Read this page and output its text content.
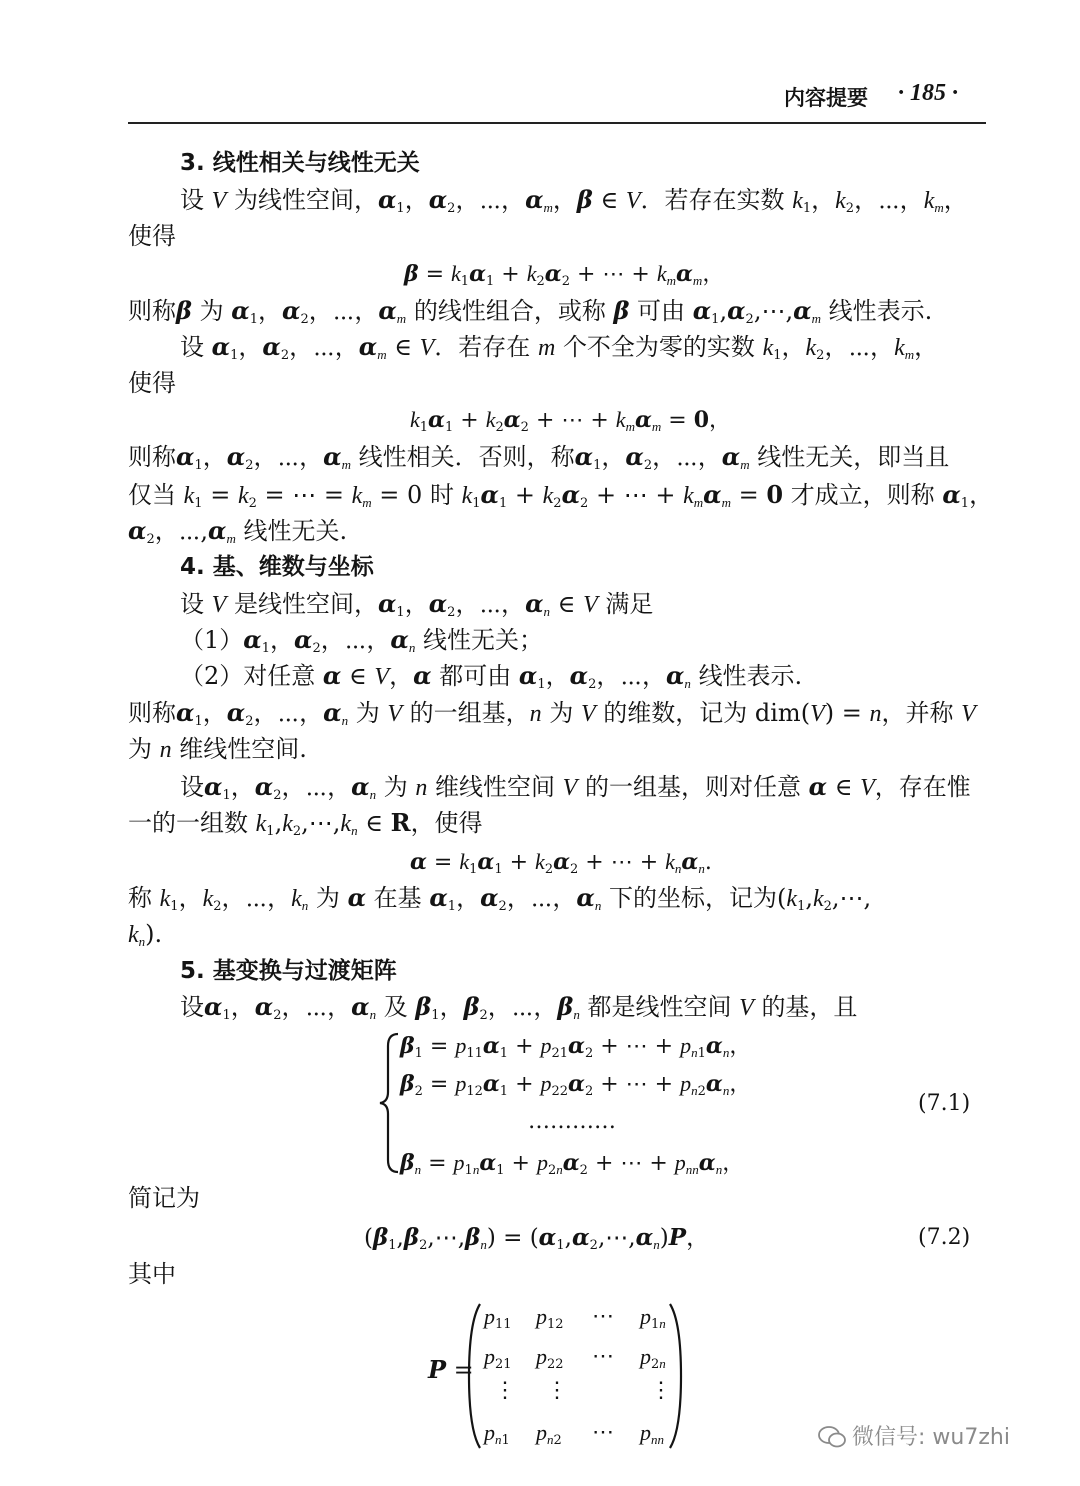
内容提要 · 185 ·
3. 线性相关与线性无关
设 V 为线性空间，$\alpha_1$，$\alpha_2$，⋯，$\alpha_m$，β ∈ V．若存在实数 $k_1$，$k_2$，⋯，$k_m$，
使得
$\beta = k_1\alpha_1 + k_2\alpha_2$ + ⋯ + $k_m\alpha_m$，
则称β 为 $\alpha_1$，$\alpha_2$，⋯，$\alpha_m$ 的线性组合，或称 β 可由 $\alpha_1,\alpha_2,\cdots,\alpha_m$ 线性表示.
设 $\alpha_1$，$\alpha_2$，⋯，$\alpha_m$ ∈ V．若存在 m 个不全为零的实数 $k_1$，$k_2$，⋯，$k_m$，
使得
$k_1\alpha_1 + k_2\alpha_2$ + ⋯ + $k_m\alpha_m = 0$，
则称$\alpha_1$，$\alpha_2$，⋯，$\alpha_m$ 线性相关．否则，称$\alpha_1$，$\alpha_2$，⋯，$\alpha_m$ 线性无关，即当且
仅当 $k_1 = k_2$ = ⋯ = $k_m = 0$ 时 $k_1\alpha_1 + k_2\alpha_2$ + ⋯ + $k_m\alpha_m = 0$ 才成立，则称 $\alpha_1$，
$\alpha_2$，$\cdots,\alpha_m$ 线性无关.
4. 基、维数与坐标
设 V 是线性空间，$\alpha_1$，$\alpha_2$，⋯，$\alpha_n$ ∈ V 满足
$(1)\alpha_1$，$\alpha_2$，⋯，$\alpha_n$ 线性无关；
（2）对任意 α ∈ V，α 都可由 $\alpha_1$，$\alpha_2$，⋯，$\alpha_n$ 线性表示.
则称$\alpha_1$，$\alpha_2$，⋯，$\alpha_n$ 为 V 的一组基，n 为 V 的维数，记为 dim(V) = n，并称 V
为 n 维线性空间.
设$\alpha_1$，$\alpha_2$，⋯，$\alpha_n$ 为 n 维线性空间 V 的一组基，则对任意 α ∈ V，存在惟
一的一组数 $k_1,k_2,\cdots,k_n$ ∈ R，使得
$\alpha = k_1\alpha_1 + k_2\alpha_2$ + ⋯ + $k_n\alpha_n$.
称 $k_1$，$k_2$，⋯，$k_n$ 为 α 在基 $\alpha_1$，$\alpha_2$，⋯，$\alpha_n$ 下的坐标，记为($k_1,k_2,\cdots$,
$k_n$).
5. 基变换与过渡矩阵
设$\alpha_1$，$\alpha_2$，⋯，$\alpha_n$ 及 $\beta_1$，$\beta_2$，⋯，$\beta_n$ 都是线性空间 V 的基，且
$\beta_1 = p_{11}\alpha_1 + p_{21}\alpha_2$ + ⋯ + $p_{n1}\alpha_n$，
$\beta_2 = p_{12}\alpha_1 + p_{22}\alpha_2$ + ⋯ + $p_{n2}\alpha_n$，
…………
(7.1)
$\beta_n = p_{1n}\alpha_1 + p_{2n}\alpha_2$ + ⋯ + $p_{nn}\alpha_n$，
简记为
$(\beta_1,\beta_2,\cdots,\beta_n)$ = $(\alpha_1,\alpha_2,\cdots,\alpha_n)P$，	(7.2)
其中
P =
$p_{11}$ $p_{12}$ ⋯ $p_{1n}$
$p_{21}$ $p_{22}$ ⋯ $p_{2n}$
⋮ ⋮	⋮
$p_{n1}$ $p_{n2}$ ⋯ $p_{nn}$	微信号: wu7zhi
